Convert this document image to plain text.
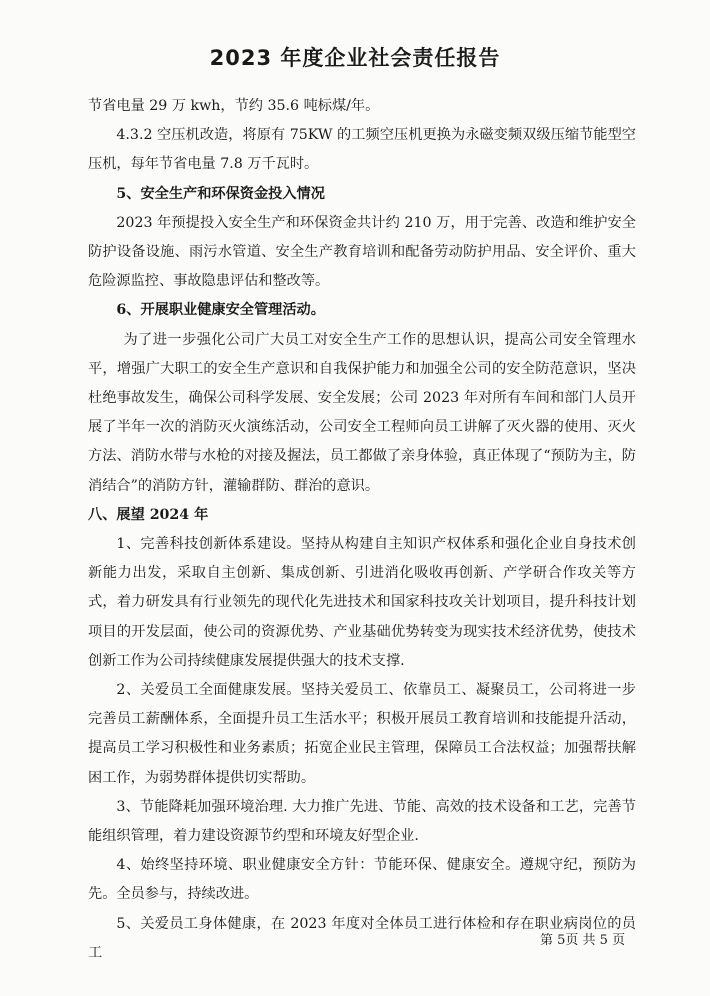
2023 年度企业社会责任报告

节省电量 29 万 kwh，节约 35.6 吨标煤/年。

4.3.2 空压机改造，将原有 75KW 的工频空压机更换为永磁变频双级压缩节能型空压机，每年节省电量 7.8 万千瓦时。

5、安全生产和环保资金投入情况

2023 年预提投入安全生产和环保资金共计约 210 万，用于完善、改造和维护安全防护设备设施、雨污水管道、安全生产教育培训和配备劳动防护用品、安全评价、重大危险源监控、事故隐患评估和整改等。

6、开展职业健康安全管理活动。

为了进一步强化公司广大员工对安全生产工作的思想认识，提高公司安全管理水平，增强广大职工的安全生产意识和自我保护能力和加强全公司的安全防范意识，坚决杜绝事故发生，确保公司科学发展、安全发展；公司 2023 年对所有车间和部门人员开展了半年一次的消防灭火演练活动，公司安全工程师向员工讲解了灭火器的使用、灭火方法、消防水带与水枪的对接及握法，员工都做了亲身体验，真正体现了“预防为主，防消结合”的消防方针，灌输群防、群治的意识。

八、展望 2024 年

1、完善科技创新体系建设。坚持从构建自主知识产权体系和强化企业自身技术创新能力出发，采取自主创新、集成创新、引进消化吸收再创新、产学研合作攻关等方式，着力研发具有行业领先的现代化先进技术和国家科技攻关计划项目，提升科技计划项目的开发层面，使公司的资源优势、产业基础优势转变为现实技术经济优势，使技术创新工作为公司持续健康发展提供强大的技术支撑.

2、关爱员工全面健康发展。坚持关爱员工、依靠员工、凝聚员工，公司将进一步完善员工薪酬体系，全面提升员工生活水平；积极开展员工教育培训和技能提升活动，提高员工学习积极性和业务素质；拓宽企业民主管理，保障员工合法权益；加强帮扶解困工作，为弱势群体提供切实帮助。

3、节能降耗加强环境治理. 大力推广先进、节能、高效的技术设备和工艺，完善节能组织管理，着力建设资源节约型和环境友好型企业.

4、始终坚持环境、职业健康安全方针：节能环保、健康安全。遵规守纪，预防为先。全员参与，持续改进。

5、关爱员工身体健康，在 2023 年度对全体员工进行体检和存在职业病岗位的员工

第 5页 共 5 页
